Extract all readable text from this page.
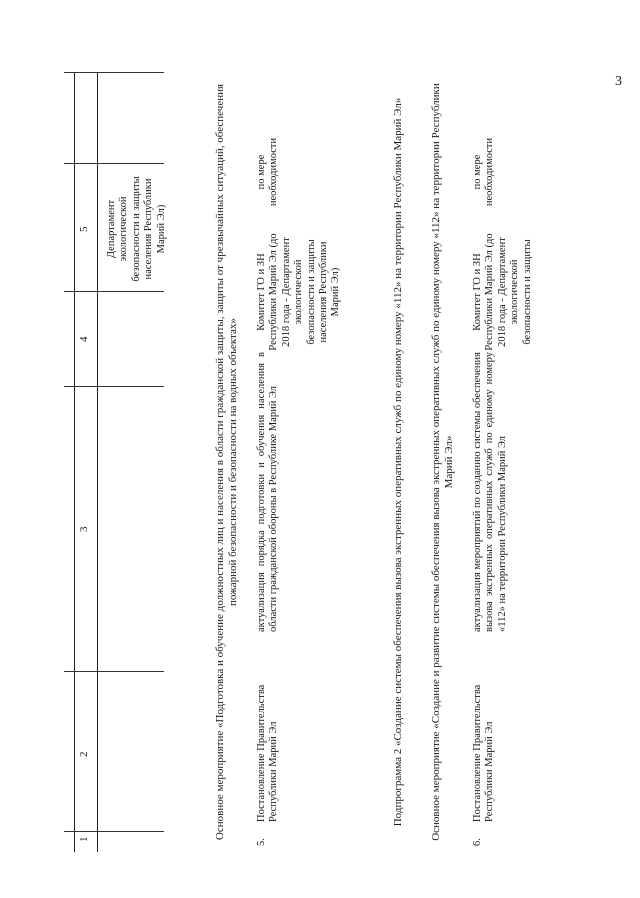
3
1
2
3
4
5 Департамент экологической безопасности и защиты населения Республики Марий Эл)	Основное мероприятие «Подготовка и обучение должностных лиц и населения в области гражданской защиты, защиты от чрезвычайных ситуаций, обеспечения пожарной безопасности и безопасности на водных объектах»
5.
Постановление Правительства Республики Марий Эл
актуализация порядка подготовки и обучения населения в области гражданской обороны в Республике Марий Эл
Комитет ГО и ЗН Республики Марий Эл (до 2018 года - Департамент экологической безопасности и защиты населения Республики Марий Эл)
по мере необходимости	Подпрограмма 2 «Создание системы обеспечения вызова экстренных оперативных служб по единому номеру «112» на территории Республики Марий Эл» Основное мероприятие «Создание и развитие системы обеспечения вызова экстренных оперативных служб по единому номеру «112» на территории Республики Марий Эл»
6.
Постановление Правительства Республики Марий Эл
актуализация мероприятий по созданию системы обеспечения вызова экстренных оперативных служб по единому номеру «112» на территории Республики Марий Эл
Комитет ГО и ЗН Республики Марий Эл (до 2018 года - Департамент экологической безопасности и защиты
по мере необходимости
